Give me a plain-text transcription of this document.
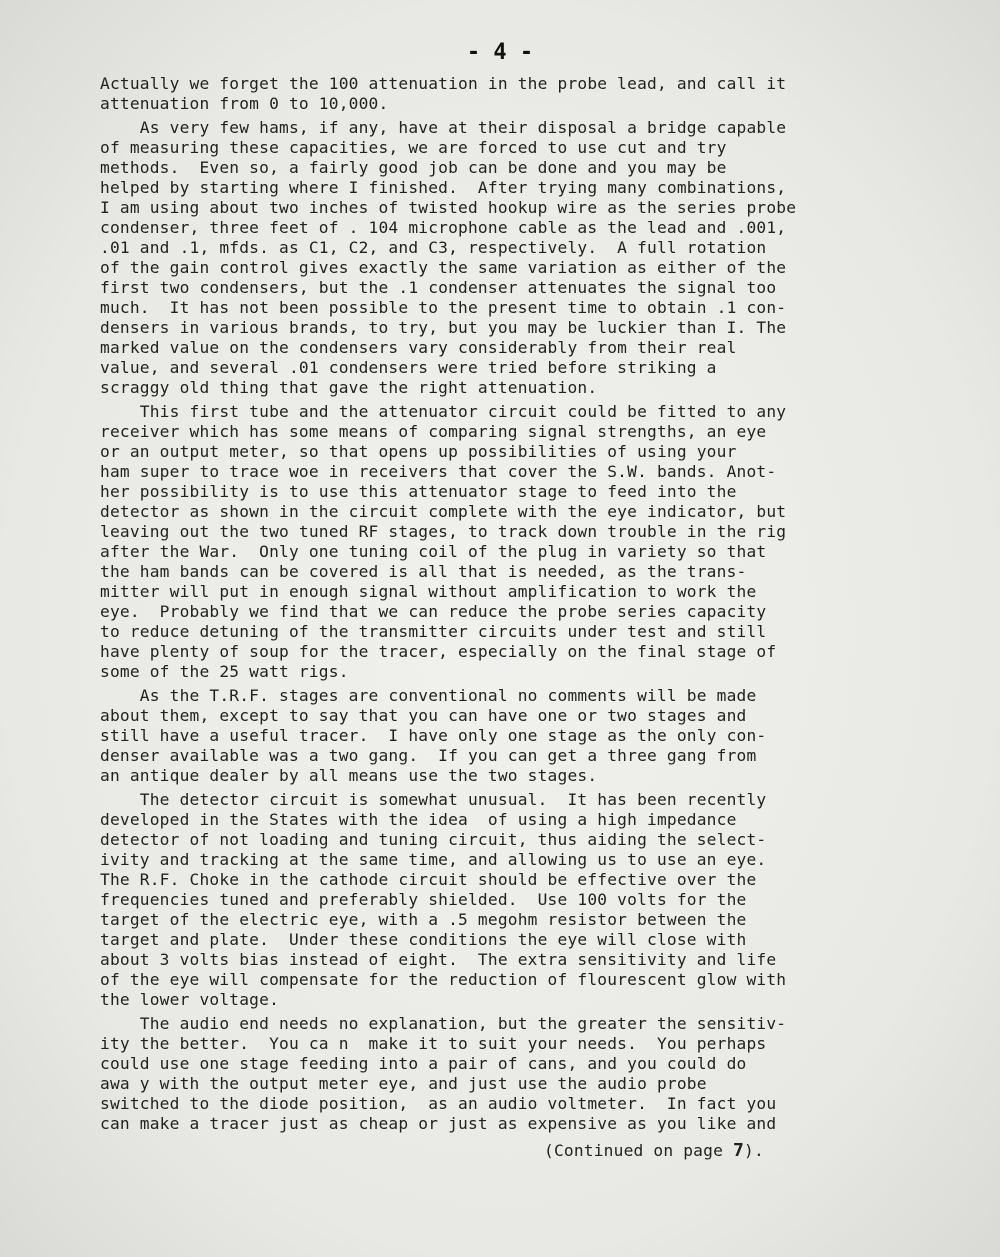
- 4 -
Actually we forget the 100 attenuation in the probe lead, and call it
attenuation from 0 to 10,000.
As very few hams, if any, have at their disposal a bridge capable
of measuring these capacities, we are forced to use cut and try
methods.  Even so, a fairly good job can be done and you may be
helped by starting where I finished.  After trying many combinations,
I am using about two inches of twisted hookup wire as the series probe
condenser, three feet of . 104 microphone cable as the lead and .001,
.01 and .1, mfds. as C1, C2, and C3, respectively.  A full rotation
of the gain control gives exactly the same variation as either of the
first two condensers, but the .1 condenser attenuates the signal too
much.  It has not been possible to the present time to obtain .1 con-
densers in various brands, to try, but you may be luckier than I. The
marked value on the condensers vary considerably from their real
value, and several .01 condensers were tried before striking a
scraggy old thing that gave the right attenuation.
This first tube and the attenuator circuit could be fitted to any
receiver which has some means of comparing signal strengths, an eye
or an output meter, so that opens up possibilities of using your
ham super to trace woe in receivers that cover the S.W. bands. Anot-
her possibility is to use this attenuator stage to feed into the
detector as shown in the circuit complete with the eye indicator, but
leaving out the two tuned RF stages, to track down trouble in the rig
after the War.  Only one tuning coil of the plug in variety so that
the ham bands can be covered is all that is needed, as the trans-
mitter will put in enough signal without amplification to work the
eye.  Probably we find that we can reduce the probe series capacity
to reduce detuning of the transmitter circuits under test and still
have plenty of soup for the tracer, especially on the final stage of
some of the 25 watt rigs.
As the T.R.F. stages are conventional no comments will be made
about them, except to say that you can have one or two stages and
still have a useful tracer.  I have only one stage as the only con-
denser available was a two gang.  If you can get a three gang from
an antique dealer by all means use the two stages.
The detector circuit is somewhat unusual.  It has been recently
developed in the States with the idea  of using a high impedance
detector of not loading and tuning circuit, thus aiding the select-
ivity and tracking at the same time, and allowing us to use an eye.
The R.F. Choke in the cathode circuit should be effective over the
frequencies tuned and preferably shielded.  Use 100 volts for the
target of the electric eye, with a .5 megohm resistor between the
target and plate.  Under these conditions the eye will close with
about 3 volts bias instead of eight.  The extra sensitivity and life
of the eye will compensate for the reduction of flourescent glow with
the lower voltage.
The audio end needs no explanation, but the greater the sensitiv-
ity the better.  You ca n  make it to suit your needs.  You perhaps
could use one stage feeding into a pair of cans, and you could do
awa y with the output meter eye, and just use the audio probe
switched to the diode position,  as an audio voltmeter.  In fact you
can make a tracer just as cheap or just as expensive as you like and
(Continued on page 7).
